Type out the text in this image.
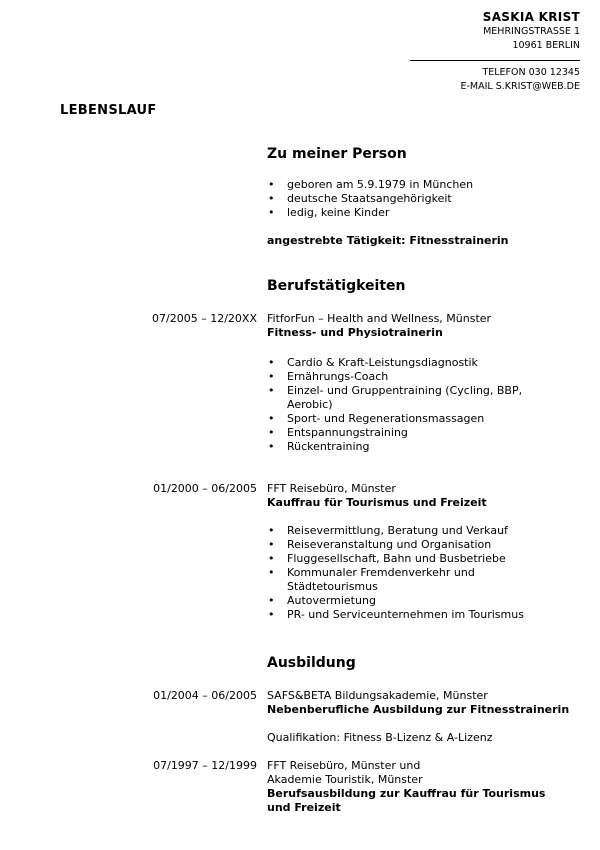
SASKIA KRIST
MEHRINGSTRASSE 1
10961 BERLIN
TELEFON 030 12345
E-MAIL S.KRIST@WEB.DE
LEBENSLAUF
Zu meiner Person
• geboren am 5.9.1979 in München
• deutsche Staatsangehörigkeit
• ledig, keine Kinder
angestrebte Tätigkeit: Fitnesstrainerin
Berufstätigkeiten
07/2005 – 12/20XX FitforFun – Health and Wellness, Münster
Fitness- und Physiotrainerin
• Cardio & Kraft-Leistungsdiagnostik
• Ernährungs-Coach
• Einzel- und Gruppentraining (Cycling, BBP, Aerobic)
• Sport- und Regenerationsmassagen
• Entspannungstraining
• Rückentraining
01/2000 – 06/2005 FFT Reisebüro, Münster
Kauffrau für Tourismus und Freizeit
• Reisevermittlung, Beratung und Verkauf
• Reiseveranstaltung und Organisation
• Fluggesellschaft, Bahn und Busbetriebe
• Kommunaler Fremdenverkehr und Städtetourismus
• Autovermietung
• PR- und Serviceunternehmen im Tourismus
Ausbildung
01/2004 – 06/2005 SAFS&BETA Bildungsakademie, Münster
Nebenberufliche Ausbildung zur Fitnesstrainerin
Qualifikation: Fitness B-Lizenz & A-Lizenz
07/1997 – 12/1999 FFT Reisebüro, Münster und
Akademie Touristik, Münster
Berufsausbildung zur Kauffrau für Tourismus
und Freizeit
